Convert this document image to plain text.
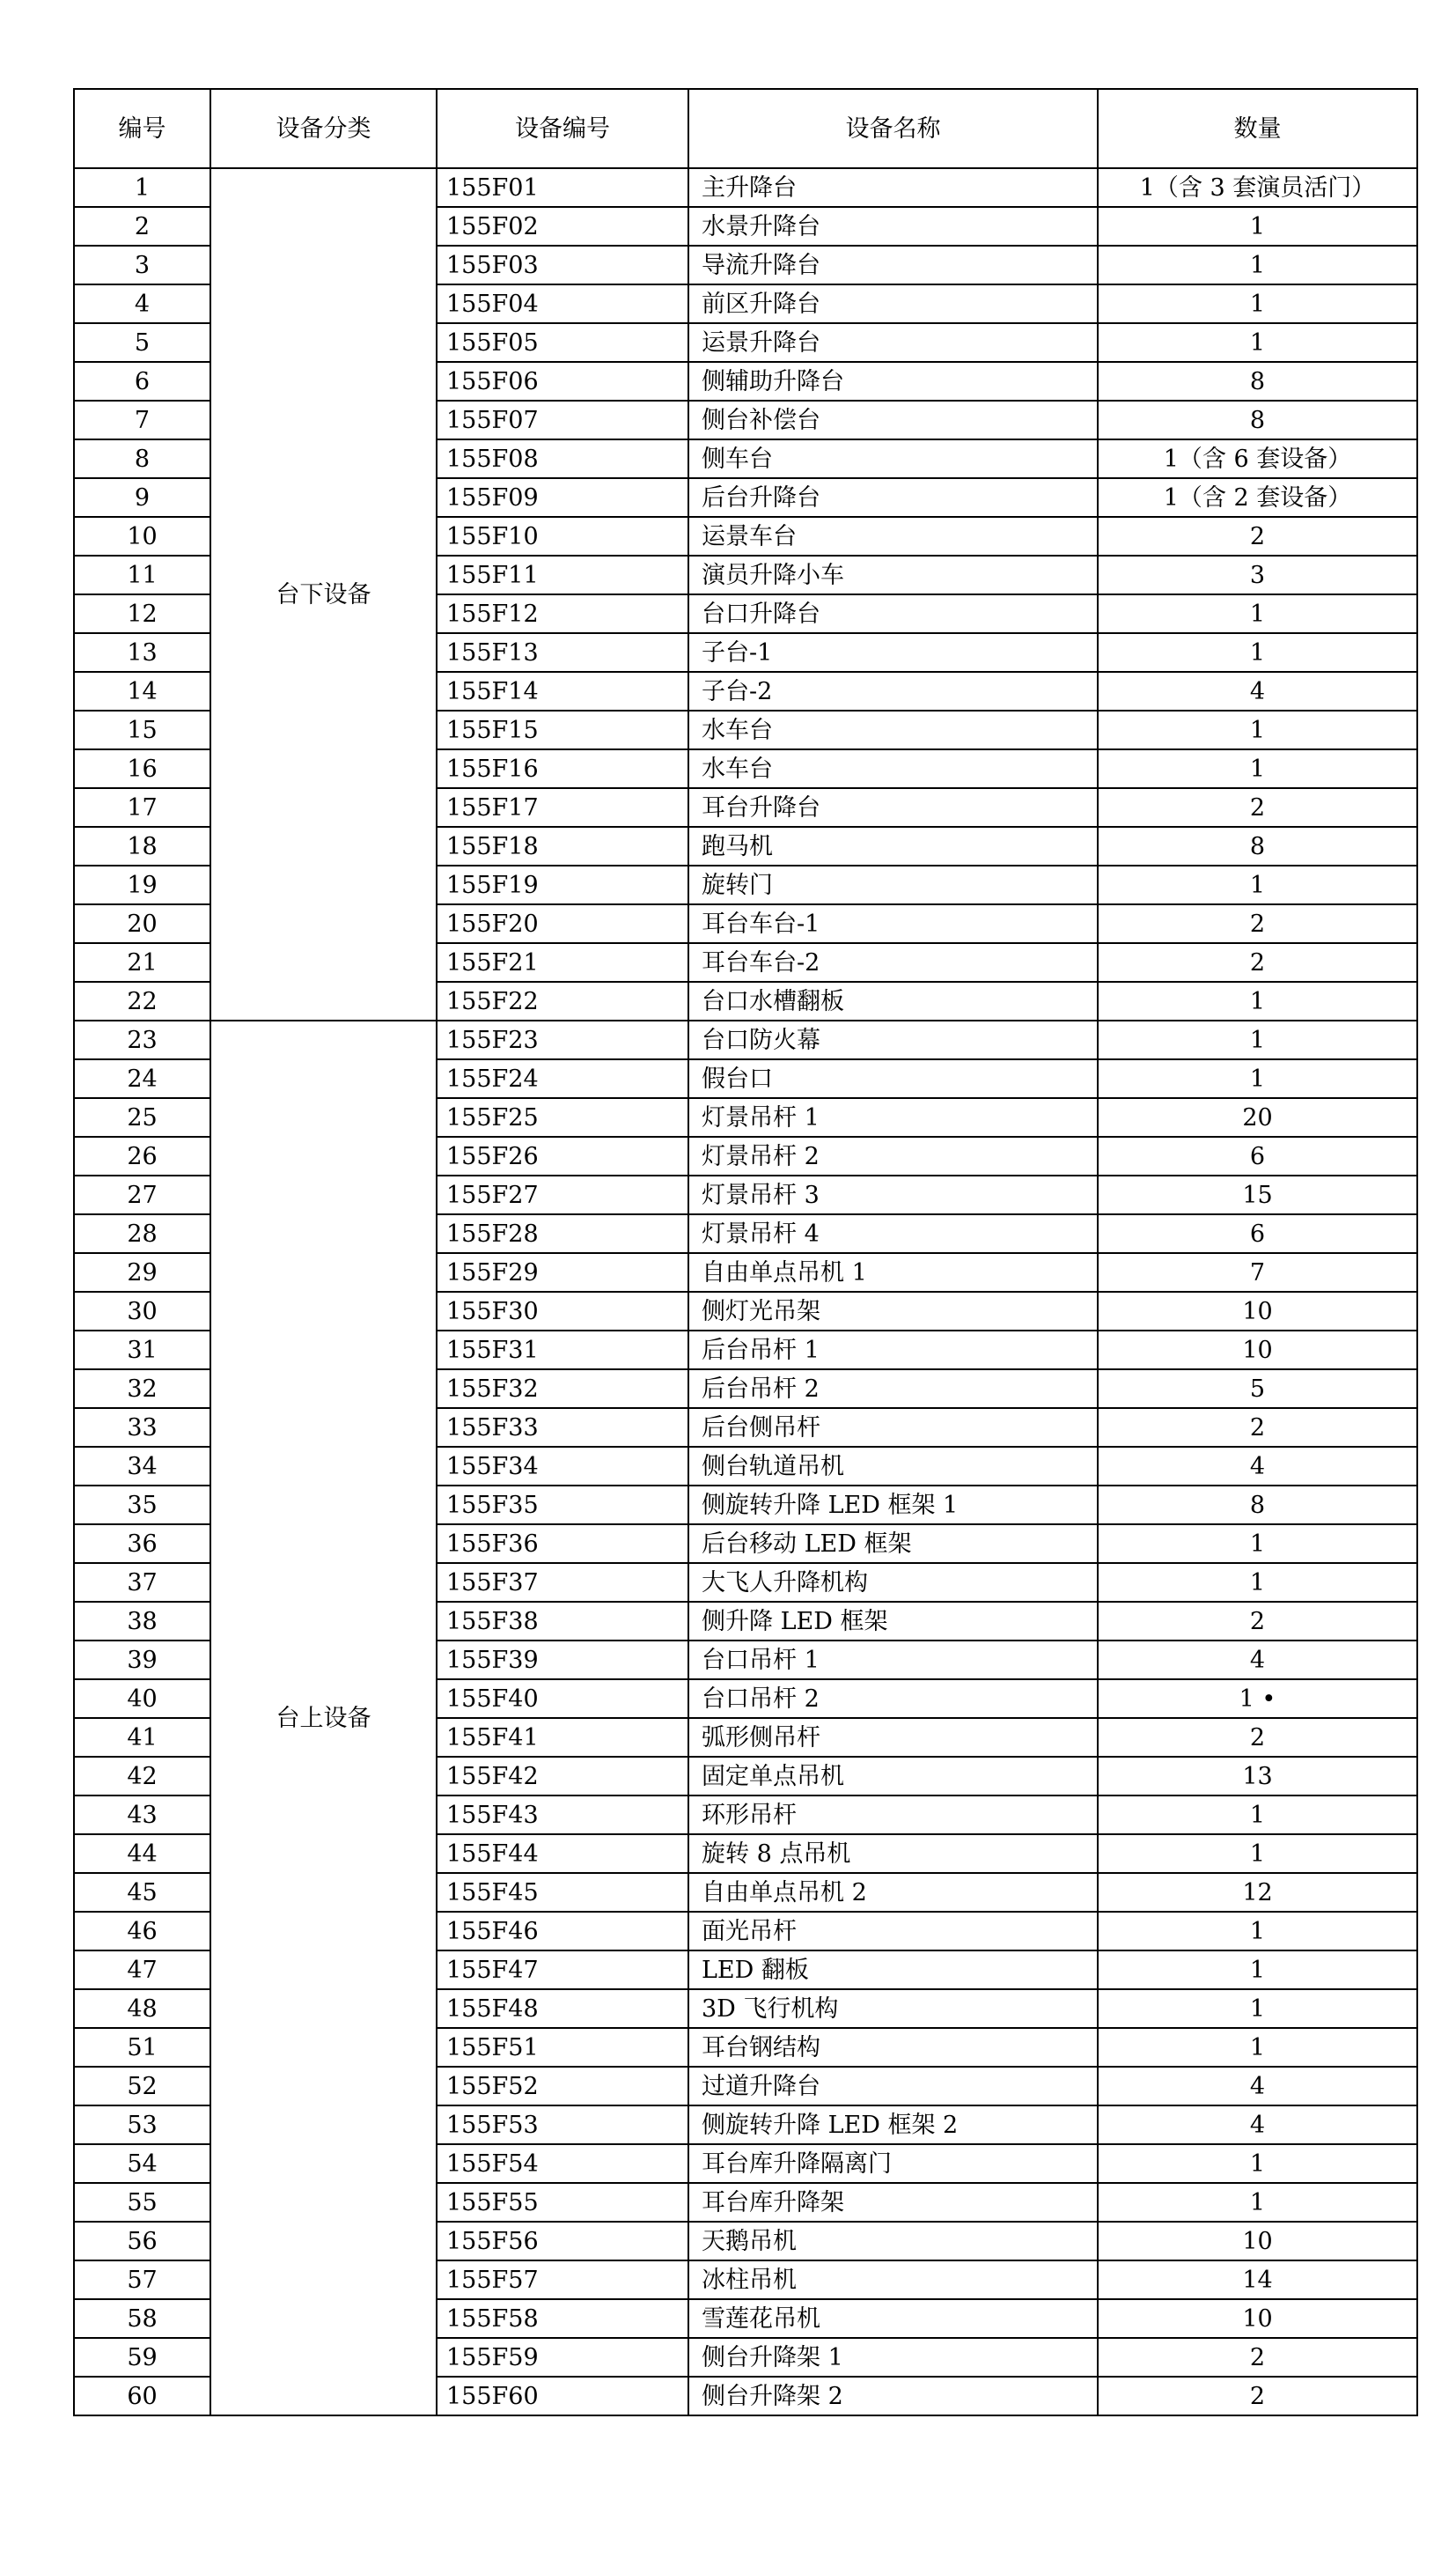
编号	设备分类	设备编号	设备名称	数量
1	台下设备	155F01	主升降台	1（含 3 套演员活门）
2		155F02	水景升降台	1
3		155F03	导流升降台	1
4		155F04	前区升降台	1
5		155F05	运景升降台	1
6		155F06	侧辅助升降台	8
7		155F07	侧台补偿台	8
8		155F08	侧车台	1（含 6 套设备）
9		155F09	后台升降台	1（含 2 套设备）
10		155F10	运景车台	2
11		155F11	演员升降小车	3
12		155F12	台口升降台	1
13		155F13	子台-1	1
14		155F14	子台-2	4
15		155F15	水车台	1
16		155F16	水车台	1
17		155F17	耳台升降台	2
18		155F18	跑马机	8
19		155F19	旋转门	1
20		155F20	耳台车台-1	2
21		155F21	耳台车台-2	2
22		155F22	台口水槽翻板	1
23	台上设备	155F23	台口防火幕	1
24		155F24	假台口	1
25		155F25	灯景吊杆 1	20
26		155F26	灯景吊杆 2	6
27		155F27	灯景吊杆 3	15
28		155F28	灯景吊杆 4	6
29		155F29	自由单点吊机 1	7
30		155F30	侧灯光吊架	10
31		155F31	后台吊杆 1	10
32		155F32	后台吊杆 2	5
33		155F33	后台侧吊杆	2
34		155F34	侧台轨道吊机	4
35		155F35	侧旋转升降 LED 框架 1	8
36		155F36	后台移动 LED 框架	1
37		155F37	大飞人升降机构	1
38		155F38	侧升降 LED 框架	2
39		155F39	台口吊杆 1	4
40		155F40	台口吊杆 2	1 •
41		155F41	弧形侧吊杆	2
42		155F42	固定单点吊机	13
43		155F43	环形吊杆	1
44		155F44	旋转 8 点吊机	1
45		155F45	自由单点吊机 2	12
46		155F46	面光吊杆	1
47		155F47	LED 翻板	1
48		155F48	3D 飞行机构	1
51		155F51	耳台钢结构	1
52		155F52	过道升降台	4
53		155F53	侧旋转升降 LED 框架 2	4
54		155F54	耳台库升降隔离门	1
55		155F55	耳台库升降架	1
56		155F56	天鹅吊机	10
57		155F57	冰柱吊机	14
58		155F58	雪莲花吊机	10
59		155F59	侧台升降架 1	2
60		155F60	侧台升降架 2	2
